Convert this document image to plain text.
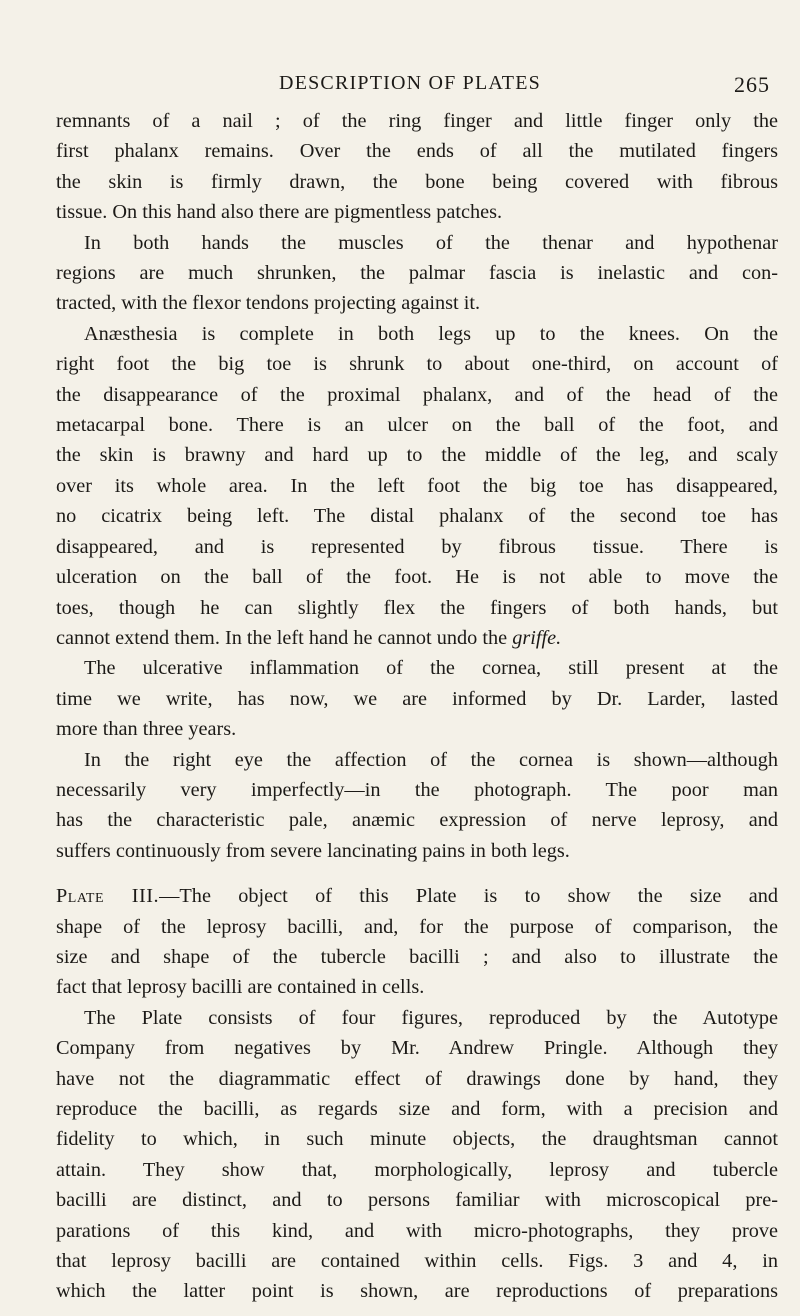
DESCRIPTION OF PLATES	265

remnants of a nail ; of the ring finger and little finger only the
first phalanx remains. Over the ends of all the mutilated fingers
the skin is firmly drawn, the bone being covered with fibrous
tissue. On this hand also there are pigmentless patches.

In both hands the muscles of the thenar and hypothenar
regions are much shrunken, the palmar fascia is inelastic and con-
tracted, with the flexor tendons projecting against it.

Anæsthesia is complete in both legs up to the knees. On the
right foot the big toe is shrunk to about one-third, on account of
the disappearance of the proximal phalanx, and of the head of the
metacarpal bone. There is an ulcer on the ball of the foot, and
the skin is brawny and hard up to the middle of the leg, and scaly
over its whole area. In the left foot the big toe has disappeared,
no cicatrix being left. The distal phalanx of the second toe has
disappeared, and is represented by fibrous tissue. There is
ulceration on the ball of the foot. He is not able to move the
toes, though he can slightly flex the fingers of both hands, but
cannot extend them. In the left hand he cannot undo the griffe.
The ulcerative inflammation of the cornea, still present at the
time we write, has now, we are informed by Dr. Larder, lasted
more than three years.

In the right eye the affection of the cornea is shown—although
necessarily very imperfectly—in the photograph. The poor man
has the characteristic pale, anæmic expression of nerve leprosy, and
suffers continuously from severe lancinating pains in both legs.

Plate III.—The object of this Plate is to show the size and
shape of the leprosy bacilli, and, for the purpose of comparison, the
size and shape of the tubercle bacilli ; and also to illustrate the
fact that leprosy bacilli are contained in cells.

The Plate consists of four figures, reproduced by the Autotype
Company from negatives by Mr. Andrew Pringle. Although they
have not the diagrammatic effect of drawings done by hand, they
reproduce the bacilli, as regards size and form, with a precision and
fidelity to which, in such minute objects, the draughtsman cannot
attain. They show that, morphologically, leprosy and tubercle
bacilli are distinct, and to persons familiar with microscopical pre-
parations of this kind, and with micro-photographs, they prove
that leprosy bacilli are contained within cells. Figs. 3 and 4, in
which the latter point is shown, are reproductions of preparations
